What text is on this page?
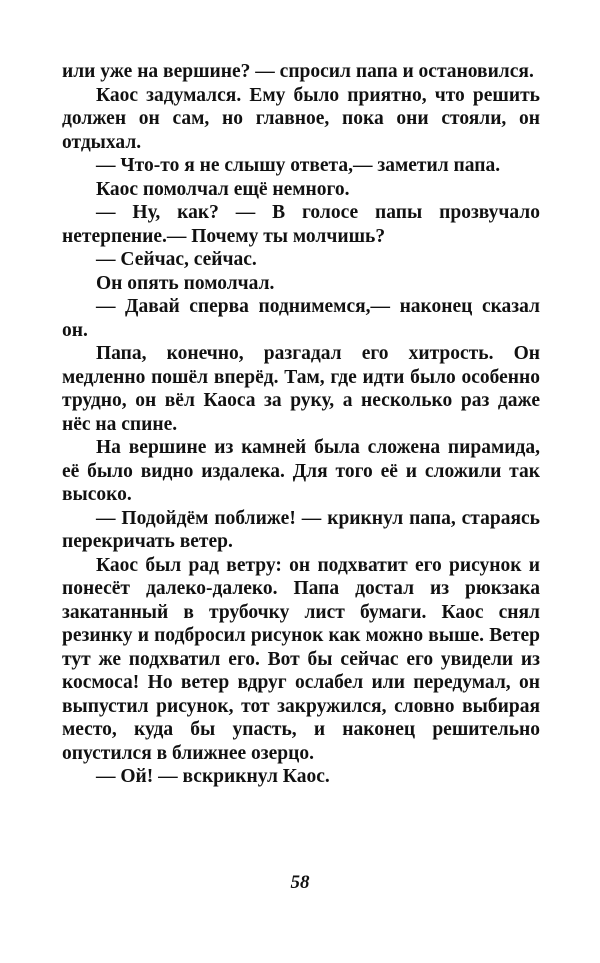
или уже на вершине? — спросил папа и остановился.

Каос задумался. Ему было приятно, что решить должен он сам, но главное, пока они стояли, он отдыхал.

— Что-то я не слышу ответа,— заметил папа.

Каос помолчал ещё немного.

— Ну, как? — В голосе папы прозвучало нетерпение.— Почему ты молчишь?

— Сейчас, сейчас.

Он опять помолчал.

— Давай сперва поднимемся,— наконец сказал он.

Папа, конечно, разгадал его хитрость. Он медленно пошёл вперёд. Там, где идти было особенно трудно, он вёл Каоса за руку, а несколько раз даже нёс на спине.

На вершине из камней была сложена пирамида, её было видно издалека. Для того её и сложили так высоко.

— Подойдём поближе! — крикнул папа, стараясь перекричать ветер.

Каос был рад ветру: он подхватит его рисунок и понесёт далеко-далеко. Папа достал из рюкзака закатанный в трубочку лист бумаги. Каос снял резинку и подбросил рисунок как можно выше. Ветер тут же подхватил его. Вот бы сейчас его увидели из космоса! Но ветер вдруг ослабел или передумал, он выпустил рисунок, тот закружился, словно выбирая место, куда бы упасть, и наконец решительно опустился в ближнее озерцо.

— Ой! — вскрикнул Каос.

58
